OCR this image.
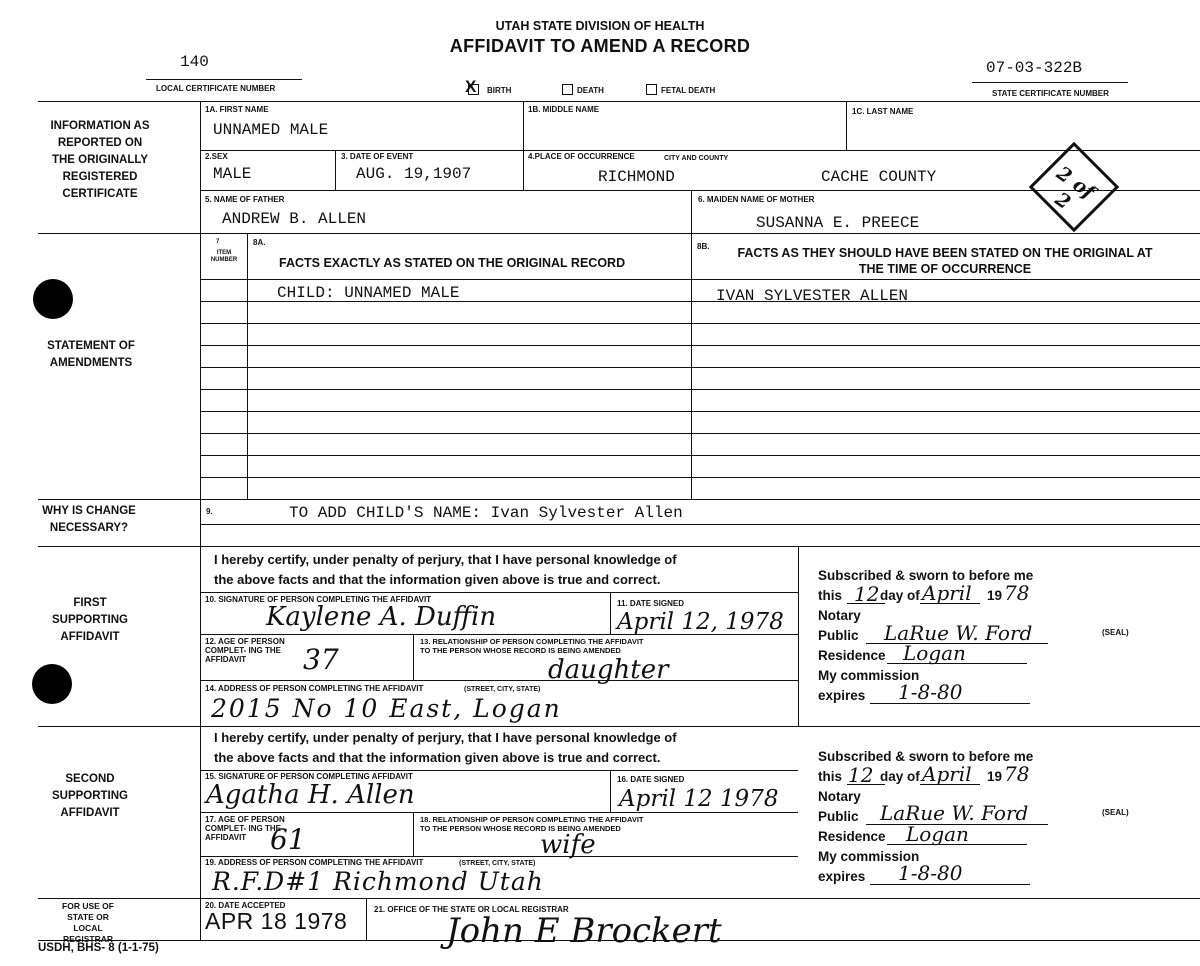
UTAH STATE DIVISION OF HEALTH
AFFIDAVIT TO AMEND A RECORD
140
LOCAL CERTIFICATE NUMBER
07-03-322B
STATE CERTIFICATE NUMBER
X BIRTH	DEATH	FETAL DEATH
INFORMATION AS REPORTED ON THE ORIGINALLY REGISTERED CERTIFICATE
1A. FIRST NAME
UNNAMED MALE
1B. MIDDLE NAME	1C. LAST NAME
2.SEX
MALE
3. DATE OF EVENT
AUG. 19,1907
4.PLACE OF OCCURRENCE	CITY AND COUNTY
RICHMOND	CACHE COUNTY
5. NAME OF FATHER
ANDREW B. ALLEN
6. MAIDEN NAME OF MOTHER
SUSANNA E. PREECE
2 of 2
STATEMENT OF AMENDMENTS
7
ITEM NUMBER
8A.
FACTS EXACTLY AS STATED ON THE ORIGINAL RECORD
8B.	FACTS AS THEY SHOULD HAVE BEEN STATED ON THE ORIGINAL AT THE TIME OF OCCURRENCE
CHILD: UNNAMED MALE	IVAN SYLVESTER ALLEN
WHY IS CHANGE NECESSARY?
9.	TO ADD CHILD'S NAME: Ivan Sylvester Allen
FIRST SUPPORTING AFFIDAVIT
I hereby certify, under penalty of perjury, that I have personal knowledge of
the above facts and that the information given above is true and correct.
10. SIGNATURE OF PERSON COMPLETING THE AFFIDAVIT
Kaylene A. Duffin	11. DATE SIGNED
April 12, 1978
12. AGE OF PERSON COMPLET- ING THE AFFIDAVIT	37
13. RELATIONSHIP OF PERSON COMPLETING THE AFFIDAVIT TO THE PERSON WHOSE RECORD IS BEING AMENDED
daughter
14. ADDRESS OF PERSON COMPLETING THE AFFIDAVIT	(STREET, CITY, STATE)
2015 No 10 East, Logan
Subscribed & sworn to before me
this 12 day of April 19 78
Notary
Public LaRue W. Ford	(SEAL)
Residence Logan
My commission
expires 1-8-80
SECOND SUPPORTING AFFIDAVIT
I hereby certify, under penalty of perjury, that I have personal knowledge of
the above facts and that the information given above is true and correct.
15. SIGNATURE OF PERSON COMPLETING AFFIDAVIT
Agatha H. Allen
16. DATE SIGNED
April 12 1978
17. AGE OF PERSON COMPLET- ING THE AFFIDAVIT 61
18. RELATIONSHIP OF PERSON COMPLETING THE AFFIDAVIT TO THE PERSON WHOSE RECORD IS BEING AMENDED
wife
19. ADDRESS OF PERSON COMPLETING THE AFFIDAVIT	(STREET, CITY, STATE)
R.F.D#1 Richmond Utah
Subscribed & sworn to before me
this 12 day of April 19 78
Notary
Public LaRue W. Ford	(SEAL)
Residence Logan
My commission
expires 1-8-80
FOR USE OF STATE OR LOCAL REGISTRAR
20. DATE ACCEPTED
APR 18 1978	21. OFFICE OF THE STATE OR LOCAL REGISTRAR
John E Brockert
USDH, BHS- 8 (1-1-75)
